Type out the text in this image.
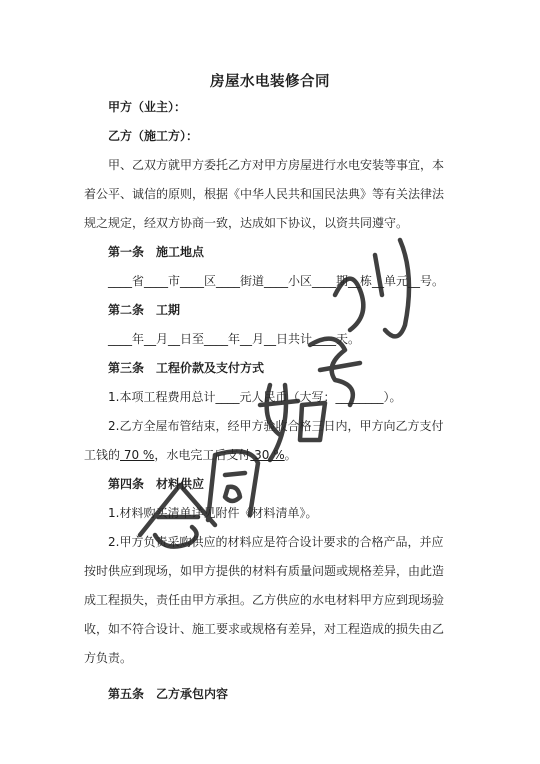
房屋水电装修合同
甲方（业主）：
乙方（施工方）：
甲、乙双方就甲方委托乙方对甲方房屋进行水电安装等事宜，本
着公平、诚信的原则，根据《中华人民共和国民法典》等有关法律法
规之规定，经双方协商一致，达成如下协议，以资共同遵守。
第一条　施工地点
____省____市____区____街道____小区____期__栋__单元__号。
第二条　工期
____年__月__日至____年__月__日共计____天。
第三条　工程价款及支付方式
1.本项工程费用总计____元人民币（大写：________）。
2.乙方全屋布管结束，经甲方验收合格三日内，甲方向乙方支付
工钱的 70 %，水电完工后支付 30 %。
第四条　材料供应
1.材料购买清单详见附件《材料清单》。
2.甲方负责采购供应的材料应是符合设计要求的合格产品，并应
按时供应到现场，如甲方提供的材料有质量问题或规格差异，由此造
成工程损失，责任由甲方承担。乙方供应的水电材料甲方应到现场验
收，如不符合设计、施工要求或规格有差异，对工程造成的损失由乙
方负责。
第五条　乙方承包内容
